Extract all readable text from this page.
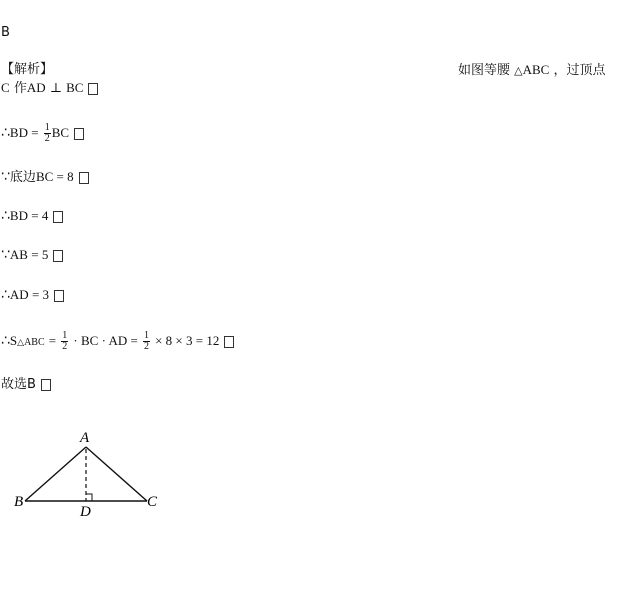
B
【解析】	如图等腰 △ABC ，过顶点
C 作AD ⊥ BC
∴BD = $\frac{1}{2}$ BC
∵底边BC = 8
∴BD = 4
∵AB = 5
∴AD = 3
∴S△ABC = $\frac{1}{2}$ · BC · AD = $\frac{1}{2} \times 8 \times 3 = 12$
故选B
A
B	C
D
